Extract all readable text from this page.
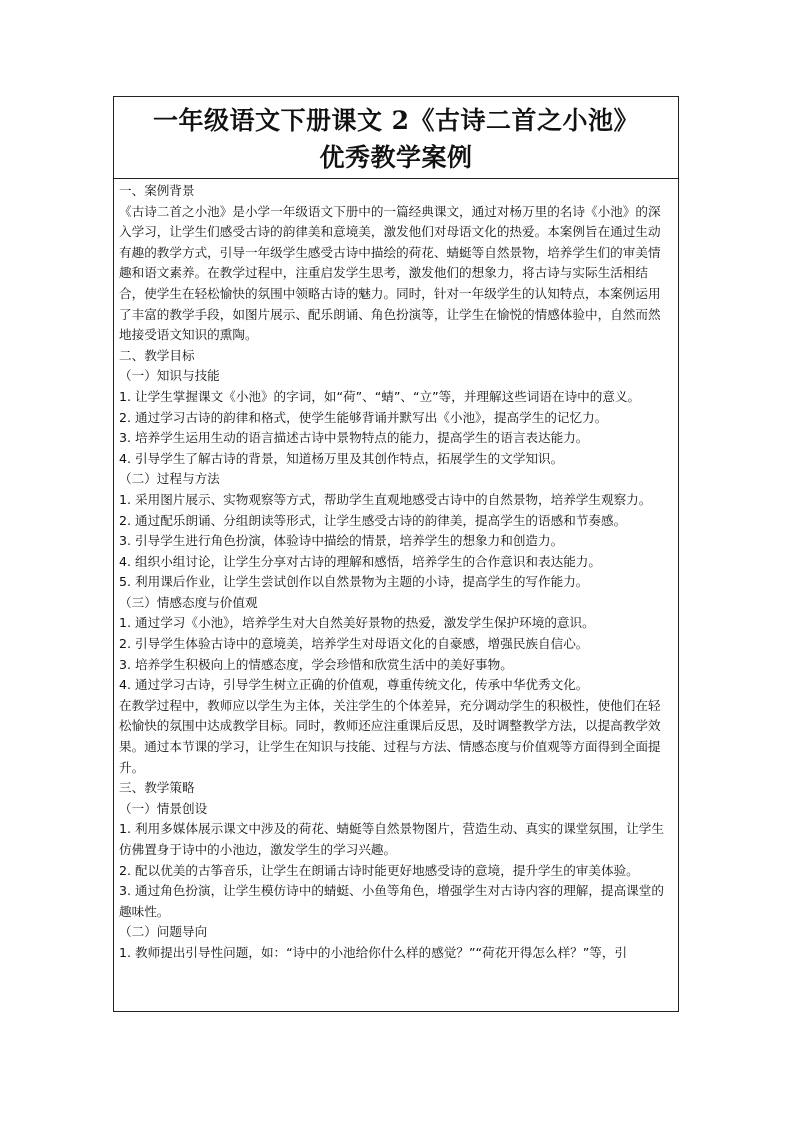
一年级语文下册课文 2《古诗二首之小池》
优秀教学案例

一、案例背景

《古诗二首之小池》是小学一年级语文下册中的一篇经典课文，通过对杨万里的名诗《小池》的深入学习，让学生们感受古诗的韵律美和意境美，激发他们对母语文化的热爱。本案例旨在通过生动有趣的教学方式，引导一年级学生感受古诗中描绘的荷花、蜻蜓等自然景物，培养学生们的审美情趣和语文素养。在教学过程中，注重启发学生思考，激发他们的想象力，将古诗与实际生活相结合，使学生在轻松愉快的氛围中领略古诗的魅力。同时，针对一年级学生的认知特点，本案例运用了丰富的教学手段，如图片展示、配乐朗诵、角色扮演等，让学生在愉悦的情感体验中，自然而然地接受语文知识的熏陶。

二、教学目标

（一）知识与技能

1. 让学生掌握课文《小池》的字词，如“荷”、“蜻”、“立”等，并理解这些词语在诗中的意义。

2. 通过学习古诗的韵律和格式，使学生能够背诵并默写出《小池》，提高学生的记忆力。

3. 培养学生运用生动的语言描述古诗中景物特点的能力，提高学生的语言表达能力。

4. 引导学生了解古诗的背景，知道杨万里及其创作特点，拓展学生的文学知识。

（二）过程与方法

1. 采用图片展示、实物观察等方式，帮助学生直观地感受古诗中的自然景物，培养学生观察力。

2. 通过配乐朗诵、分组朗读等形式，让学生感受古诗的韵律美，提高学生的语感和节奏感。

3. 引导学生进行角色扮演，体验诗中描绘的情景，培养学生的想象力和创造力。

4. 组织小组讨论，让学生分享对古诗的理解和感悟，培养学生的合作意识和表达能力。

5. 利用课后作业，让学生尝试创作以自然景物为主题的小诗，提高学生的写作能力。

（三）情感态度与价值观

1. 通过学习《小池》，培养学生对大自然美好景物的热爱，激发学生保护环境的意识。

2. 引导学生体验古诗中的意境美，培养学生对母语文化的自豪感，增强民族自信心。

3. 培养学生积极向上的情感态度，学会珍惜和欣赏生活中的美好事物。

4. 通过学习古诗，引导学生树立正确的价值观，尊重传统文化，传承中华优秀文化。

在教学过程中，教师应以学生为主体，关注学生的个体差异，充分调动学生的积极性，使他们在轻松愉快的氛围中达成教学目标。同时，教师还应注重课后反思，及时调整教学方法，以提高教学效果。通过本节课的学习，让学生在知识与技能、过程与方法、情感态度与价值观等方面得到全面提升。

三、教学策略

（一）情景创设

1. 利用多媒体展示课文中涉及的荷花、蜻蜓等自然景物图片，营造生动、真实的课堂氛围，让学生仿佛置身于诗中的小池边，激发学生的学习兴趣。

2. 配以优美的古筝音乐，让学生在朗诵古诗时能更好地感受诗的意境，提升学生的审美体验。

3. 通过角色扮演，让学生模仿诗中的蜻蜓、小鱼等角色，增强学生对古诗内容的理解，提高课堂的趣味性。

（二）问题导向

1. 教师提出引导性问题，如：“诗中的小池给你什么样的感觉？”“荷花开得怎么样？”等，引
